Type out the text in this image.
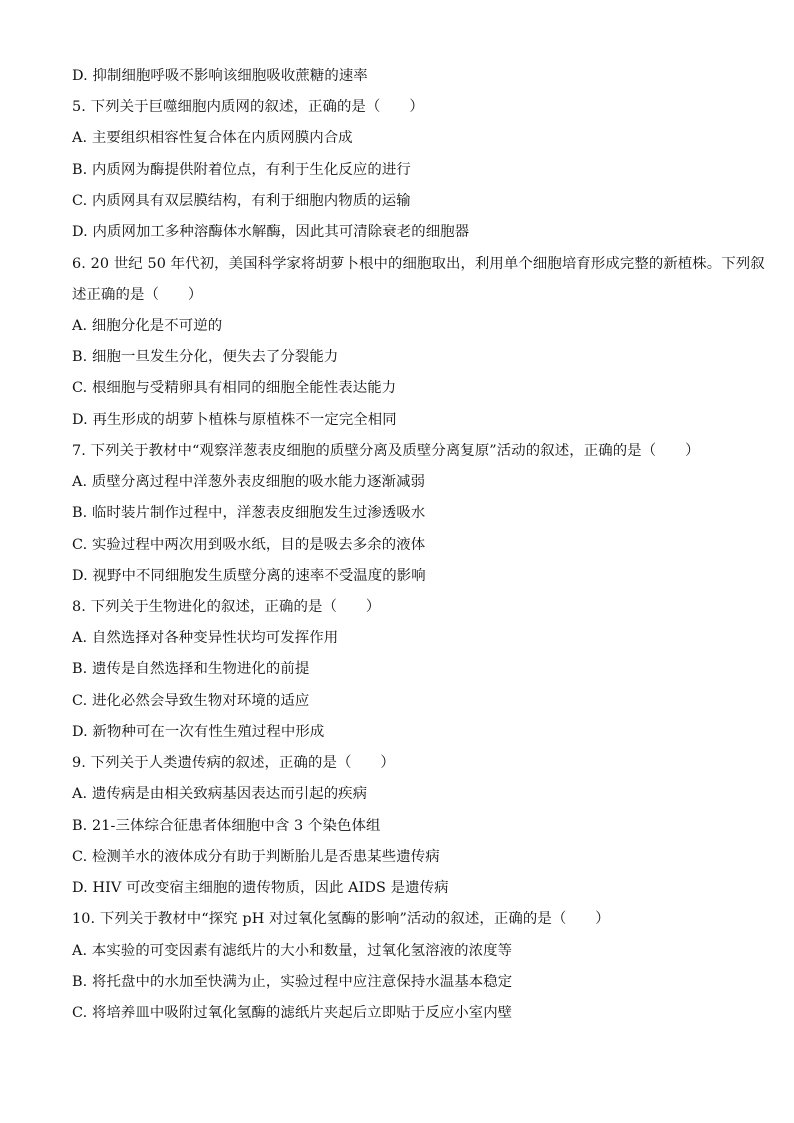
D. 抑制细胞呼吸不影响该细胞吸收蔗糖的速率
5. 下列关于巨噬细胞内质网的叙述，正确的是（　　）
A. 主要组织相容性复合体在内质网膜内合成
B. 内质网为酶提供附着位点，有利于生化反应的进行
C. 内质网具有双层膜结构，有利于细胞内物质的运输
D. 内质网加工多种溶酶体水解酶，因此其可清除衰老的细胞器
6. 20 世纪 50 年代初，美国科学家将胡萝卜根中的细胞取出，利用单个细胞培育形成完整的新植株。下列叙
述正确的是（　　）
A. 细胞分化是不可逆的
B. 细胞一旦发生分化，便失去了分裂能力
C. 根细胞与受精卵具有相同的细胞全能性表达能力
D. 再生形成的胡萝卜植株与原植株不一定完全相同
7. 下列关于教材中“观察洋葱表皮细胞的质壁分离及质壁分离复原”活动的叙述，正确的是（　　）
A. 质壁分离过程中洋葱外表皮细胞的吸水能力逐渐减弱
B. 临时装片制作过程中，洋葱表皮细胞发生过渗透吸水
C. 实验过程中两次用到吸水纸，目的是吸去多余的液体
D. 视野中不同细胞发生质壁分离的速率不受温度的影响
8. 下列关于生物进化的叙述，正确的是（　　）
A. 自然选择对各种变异性状均可发挥作用
B. 遗传是自然选择和生物进化的前提
C. 进化必然会导致生物对环境的适应
D. 新物种可在一次有性生殖过程中形成
9. 下列关于人类遗传病的叙述，正确的是（　　）
A. 遗传病是由相关致病基因表达而引起的疾病
B. 21-三体综合征患者体细胞中含 3 个染色体组
C. 检测羊水的液体成分有助于判断胎儿是否患某些遗传病
D. HIV 可改变宿主细胞的遗传物质，因此 AIDS 是遗传病
10. 下列关于教材中“探究 pH 对过氧化氢酶的影响”活动的叙述，正确的是（　　）
A. 本实验的可变因素有滤纸片的大小和数量，过氧化氢溶液的浓度等
B. 将托盘中的水加至快满为止，实验过程中应注意保持水温基本稳定
C. 将培养皿中吸附过氧化氢酶的滤纸片夹起后立即贴于反应小室内壁
